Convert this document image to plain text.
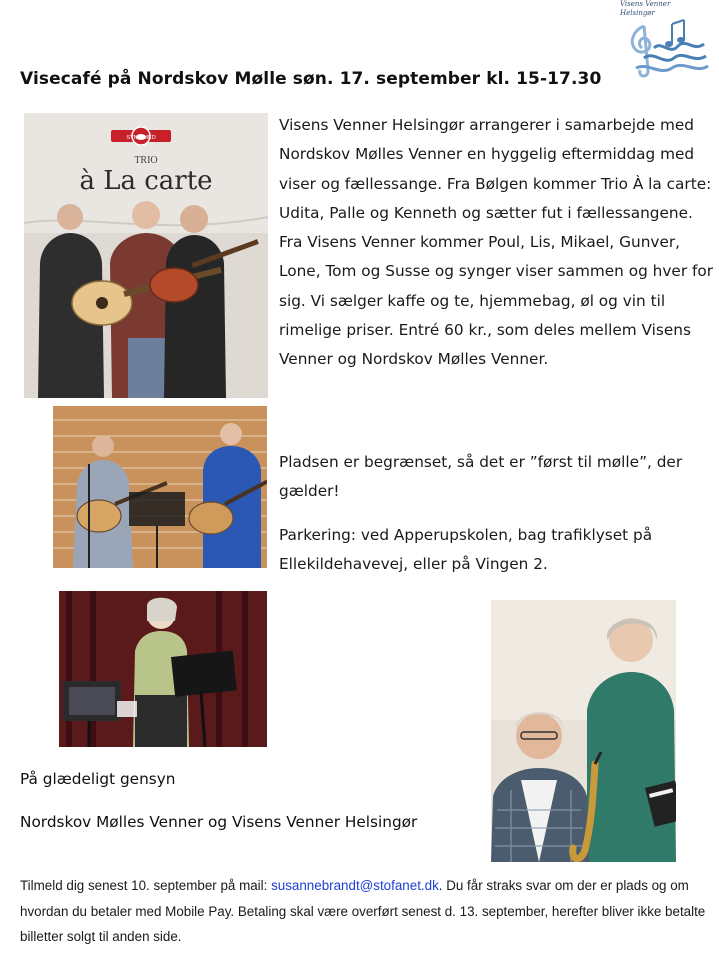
Visens Venner
Helsingør
Visecafé på Nordskov Mølle søn. 17. september kl. 15-17.30
SYNG MED
TRIO
à La carte

Visens Venner Helsingør arrangerer i samarbejde med Nordskov Mølles Venner en hyggelig eftermiddag med viser og fællessange. Fra Bølgen kommer Trio À la carte: Udita, Palle og Kenneth og sætter fut i fællessangene. Fra Visens Venner kommer Poul, Lis, Mikael, Gunver, Lone, Tom og Susse og synger viser sammen og hver for sig. Vi sælger kaffe og te, hjemmebag, øl og vin til rimelige priser. Entré 60 kr., som deles mellem Visens Venner og Nordskov Mølles Venner.

Pladsen er begrænset, så det er ”først til mølle”, der gælder!

Parkering: ved Apperupskolen, bag trafiklyset på Ellekildehavevej, eller på Vingen 2.

På glædeligt gensyn
Nordskov Mølles Venner og Visens Venner Helsingør

Tilmeld dig senest 10. september på mail: susannebrandt@stofanet.dk. Du får straks svar om der er plads og om hvordan du betaler med Mobile Pay. Betaling skal være overført senest d. 13. september, herefter bliver ikke betalte billetter solgt til anden side.
